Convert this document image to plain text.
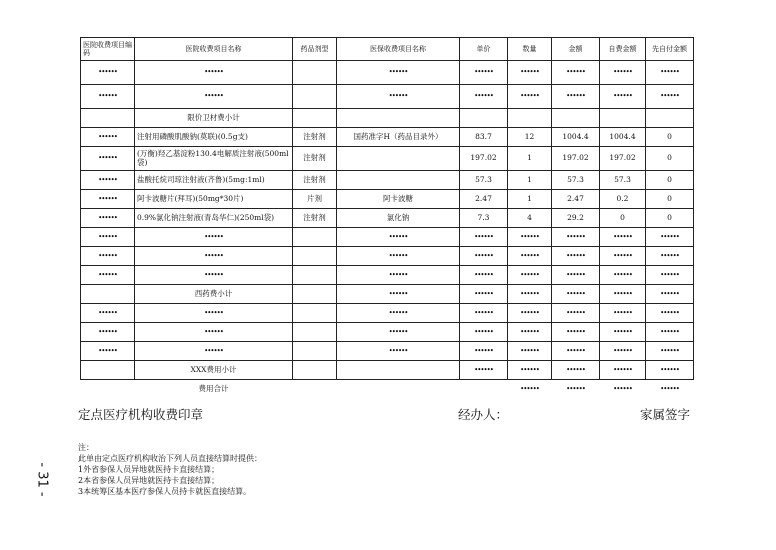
医院收费项目编码	医院收费项目名称	药品剂型	医保收费项目名称	单价	数量	金额	自费金额	先自付金额
••••••	••••••		••••••	••••••	••••••	••••••	••••••	••••••
••••••	••••••		••••••	••••••	••••••	••••••	••••••	••••••
	限价卫材费小计							
••••••	注射用磷酸肌酸钠(莫联)(0.5g支)	注射剂	国药准字H（药品目录外）	83.7	12	1004.4	1004.4	0
••••••	(万衡)羟乙基淀粉130.4电解质注射液(500ml袋)	注射剂		197.02	1	197.02	197.02	0
••••••	盐酸托烷司琼注射液(齐鲁)(5mg:1ml)	注射剂		57.3	1	57.3	57.3	0
••••••	阿卡波糖片(拜耳)(50mg*30片)	片剂	阿卡波糖	2.47	1	2.47	0.2	0
••••••	0.9%氯化钠注射液(青岛华仁)(250ml袋)	注射剂	氯化钠	7.3	4	29.2	0	0
••••••	••••••		••••••	••••••	••••••	••••••	••••••	••••••
••••••	••••••		••••••	••••••	••••••	••••••	••••••	••••••
••••••	••••••		••••••	••••••	••••••	••••••	••••••	••••••
	西药费小计		••••••	••••••	••••••	••••••	••••••	••••••
••••••	••••••		••••••	••••••	••••••	••••••	••••••	••••••
••••••	••••••		••••••	••••••	••••••	••••••	••••••	••••••
••••••	••••••		••••••	••••••	••••••	••••••	••••••	••••••
	XXX费用小计			••••••	••••••	••••••	••••••	••••••
	费用合计				••••••	••••••	••••••	••••••
定点医疗机构收费印章	经办人：	家属签字
注：
此单由定点医疗机构收治下列人员直接结算时提供：
1外省参保人员异地就医持卡直接结算；
2本省参保人员异地就医持卡直接结算；
3本统筹区基本医疗参保人员持卡就医直接结算。
- 31 -
